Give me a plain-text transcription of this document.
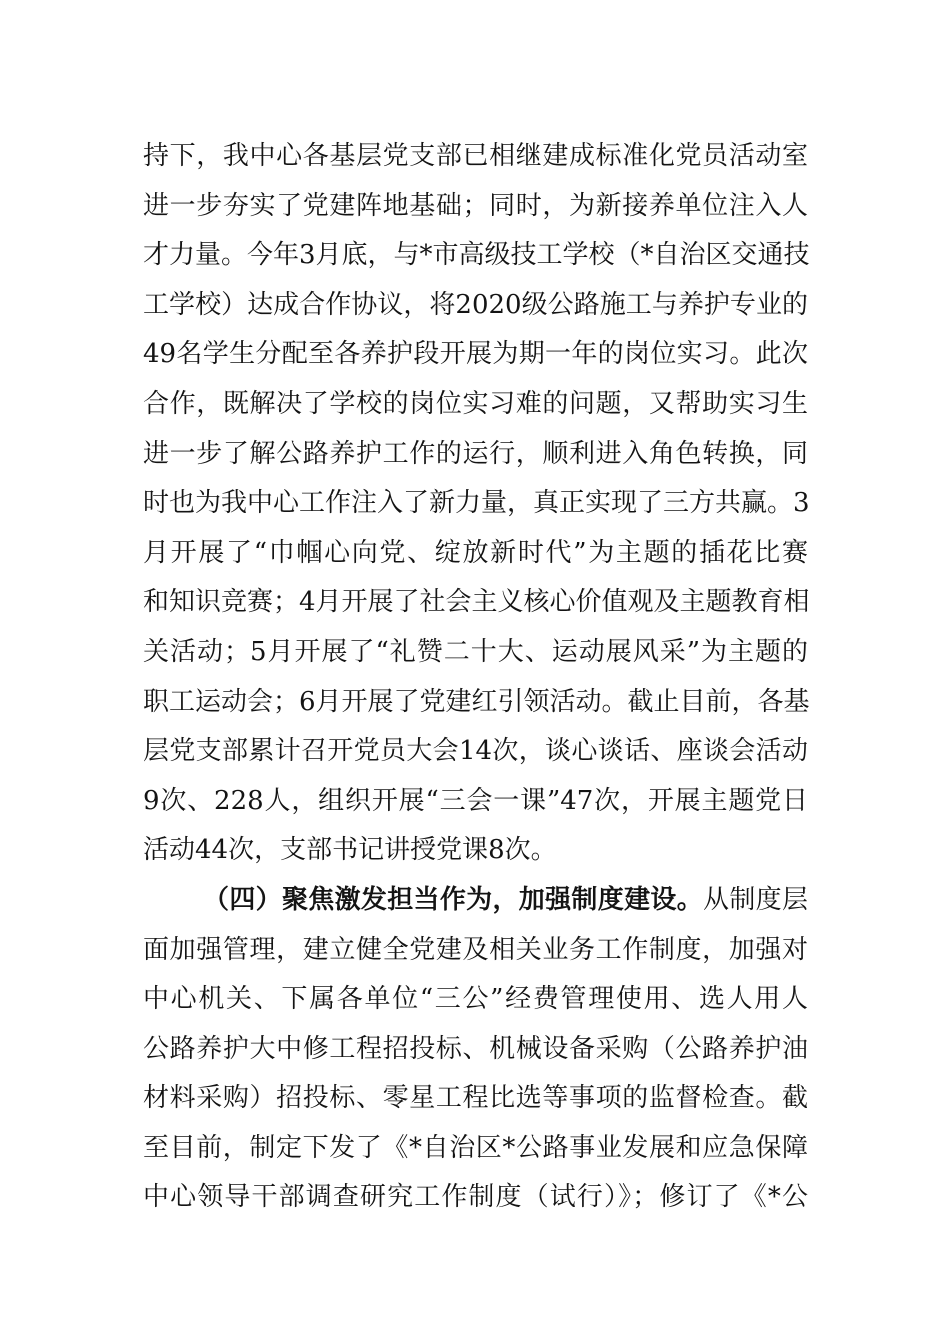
持下，我中心各基层党支部已相继建成标准化党员活动室
进一步夯实了党建阵地基础；同时，为新接养单位注入人
才力量。今年3月底，与*市高级技工学校（*自治区交通技
工学校）达成合作协议，将2020级公路施工与养护专业的
49名学生分配至各养护段开展为期一年的岗位实习。此次
合作，既解决了学校的岗位实习难的问题，又帮助实习生
进一步了解公路养护工作的运行，顺利进入角色转换，同
时也为我中心工作注入了新力量，真正实现了三方共赢。3
月开展了“巾帼心向党、绽放新时代”为主题的插花比赛
和知识竞赛；4月开展了社会主义核心价值观及主题教育相
关活动；5月开展了“礼赞二十大、运动展风采”为主题的
职工运动会；6月开展了党建红引领活动。截止目前，各基
层党支部累计召开党员大会14次，谈心谈话、座谈会活动
9次、228人，组织开展“三会一课”47次，开展主题党日
活动44次，支部书记讲授党课8次。
（四）聚焦激发担当作为，加强制度建设。从制度层
面加强管理，建立健全党建及相关业务工作制度，加强对
中心机关、下属各单位“三公”经费管理使用、选人用人
公路养护大中修工程招投标、机械设备采购（公路养护油
材料采购）招投标、零星工程比选等事项的监督检查。截
至目前，制定下发了《*自治区*公路事业发展和应急保障
中心领导干部调查研究工作制度（试行）》；修订了《*公
